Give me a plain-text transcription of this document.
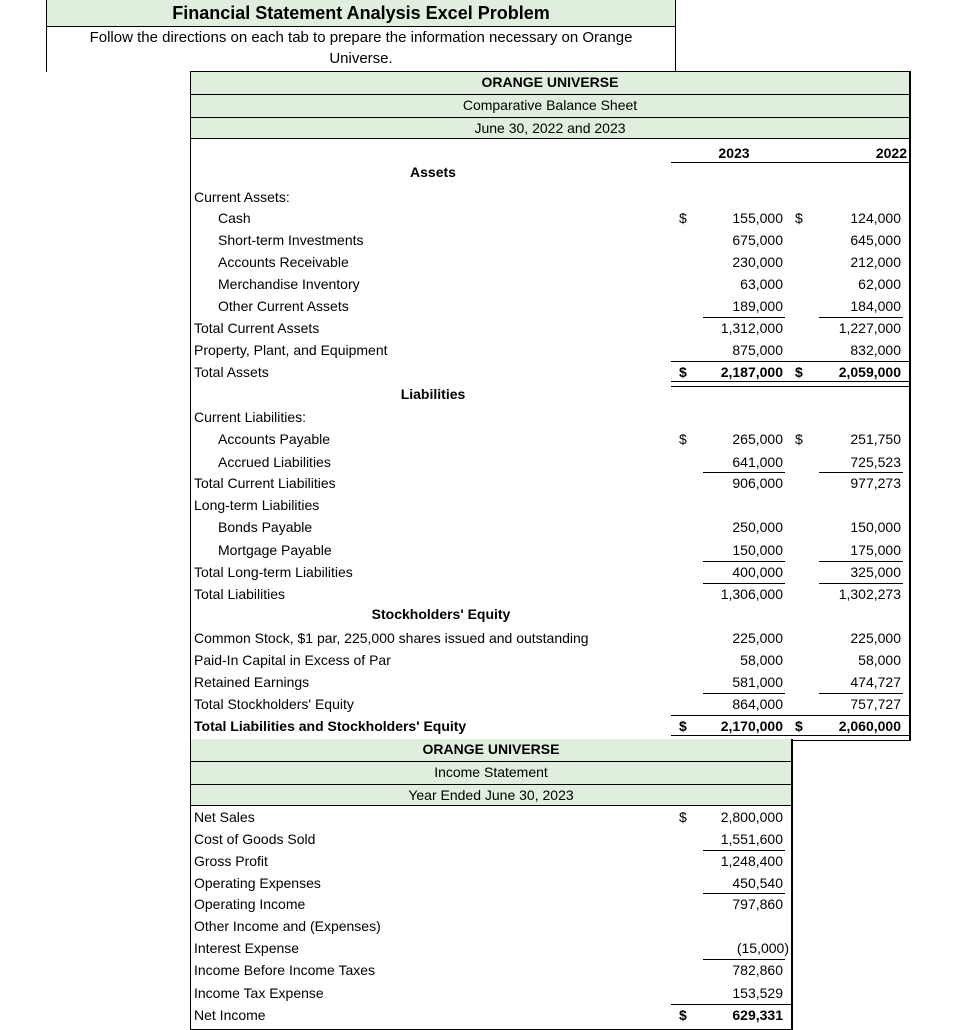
Financial Statement Analysis Excel Problem
Follow the directions on each tab to prepare the information necessary on Orange
Universe.
ORANGE UNIVERSE
Comparative Balance Sheet
June 30, 2022 and 2023
2023	2022
Assets
Current Assets:
Cash	$	155,000 $	124,000
Short-term Investments	675,000	645,000
Accounts Receivable	230,000	212,000
Merchandise Inventory	63,000	62,000
Other Current Assets	189,000	184,000
Total Current Assets	1,312,000	1,227,000
Property, Plant, and Equipment	875,000	832,000
Total Assets	$	2,187,000 $	2,059,000
Liabilities
Current Liabilities:
Accounts Payable	$	265,000 $	251,750
Accrued Liabilities	641,000	725,523
Total Current Liabilities	906,000	977,273
Long-term Liabilities
Bonds Payable	250,000	150,000
Mortgage Payable	150,000	175,000
Total Long-term Liabilities	400,000	325,000
Total Liabilities	1,306,000	1,302,273
Stockholders' Equity
Common Stock, $1 par, 225,000 shares issued and outstanding	225,000	225,000
Paid-In Capital in Excess of Par	58,000	58,000
Retained Earnings	581,000	474,727
Total Stockholders' Equity	864,000	757,727
Total Liabilities and Stockholders' Equity	$	2,170,000 $	2,060,000
ORANGE UNIVERSE
Income Statement
Year Ended June 30, 2023
Net Sales	$	2,800,000
Cost of Goods Sold	1,551,600
Gross Profit	1,248,400
Operating Expenses	450,540
Operating Income	797,860
Other Income and (Expenses)
Interest Expense	(15,000)
Income Before Income Taxes	782,860
Income Tax Expense	153,529
Net Income	$	629,331
